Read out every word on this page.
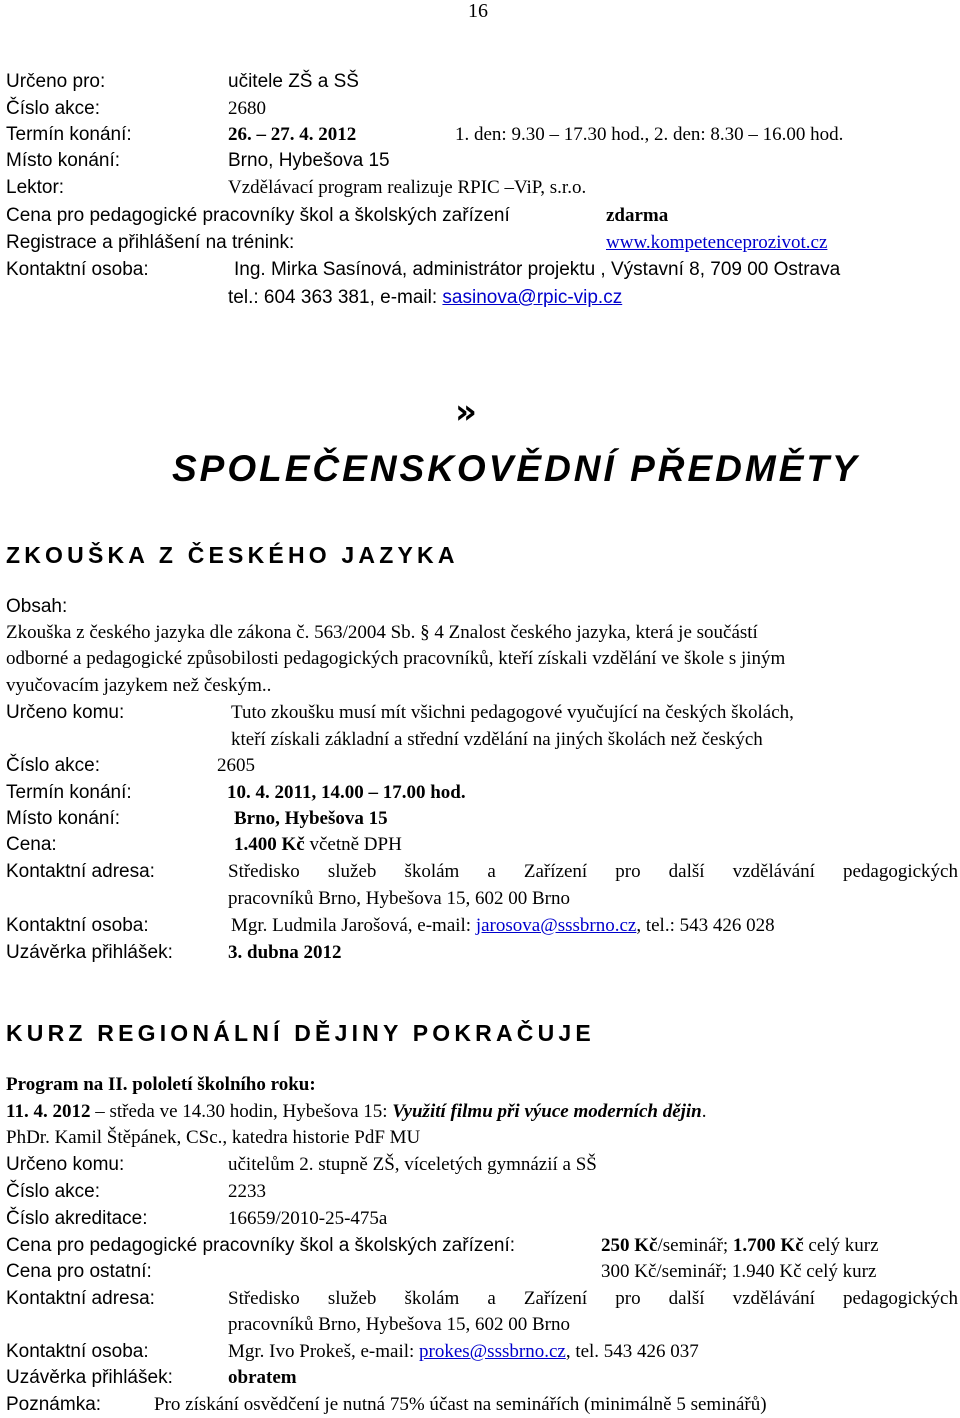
16
Určeno pro:	učitele ZŠ a SŠ
Číslo akce:	2680
Termín konání:	26. – 27. 4. 2012	1. den: 9.30 – 17.30 hod., 2. den: 8.30 – 16.00 hod.
Místo konání:	Brno, Hybešova 15
Lektor:	Vzdělávací program realizuje RPIC –ViP, s.r.o.
Cena pro pedagogické pracovníky škol a školských zařízení	zdarma
Registrace a přihlášení na trénink:	www.kompetenceprozivot.cz
Kontaktní osoba:	Ing. Mirka Sasínová, administrátor projektu , Výstavní 8, 709 00 Ostrava
tel.: 604 363 381, e-mail: sasinova@rpic-vip.cz
»
SPOLEČENSKOVĚDNÍ PŘEDMĚTY
ZKOUŠKA Z ČESKÉHO JAZYKA
Obsah:
Zkouška z českého jazyka dle zákona č. 563/2004 Sb. § 4 Znalost českého jazyka, která je součástí
odborné a pedagogické způsobilosti pedagogických pracovníků, kteří získali vzdělání ve škole s jiným
vyučovacím jazykem než českým..
Určeno komu:	Tuto zkoušku musí mít všichni pedagogové vyučující na českých školách,
kteří získali základní a střední vzdělání na jiných školách než českých
Číslo akce:	2605
Termín konání:	10. 4. 2011, 14.00 – 17.00 hod.
Místo konání:	Brno, Hybešova 15
Cena:	1.400 Kč včetně DPH
Kontaktní adresa:	Středisko služeb školám a Zařízení pro další vzdělávání pedagogických
pracovníků Brno, Hybešova 15, 602 00 Brno
Kontaktní osoba:	Mgr. Ludmila Jarošová, e-mail: jarosova@sssbrno.cz, tel.: 543 426 028
Uzávěrka přihlášek:	3. dubna 2012
KURZ REGIONÁLNÍ DĚJINY POKRAČUJE
Program na II. pololetí školního roku:
11. 4. 2012 – středa ve 14.30 hodin, Hybešova 15: Využití filmu při výuce moderních dějin.
PhDr. Kamil Štěpánek, CSc., katedra historie PdF MU
Určeno komu:	učitelům 2. stupně ZŠ, víceletých gymnázií a SŠ
Číslo akce:	2233
Číslo akreditace:	16659/2010-25-475a
Cena pro pedagogické pracovníky škol a školských zařízení:	250 Kč/seminář; 1.700 Kč celý kurz
Cena pro ostatní:	300 Kč/seminář; 1.940 Kč celý kurz
Kontaktní adresa:	Středisko služeb školám a Zařízení pro další vzdělávání pedagogických
pracovníků Brno, Hybešova 15, 602 00 Brno
Kontaktní osoba:	Mgr. Ivo Prokeš, e-mail: prokes@sssbrno.cz, tel. 543 426 037
Uzávěrka přihlášek:	obratem
Poznámka:	Pro získání osvědčení je nutná 75% účast na seminářích (minimálně 5 seminářů)
